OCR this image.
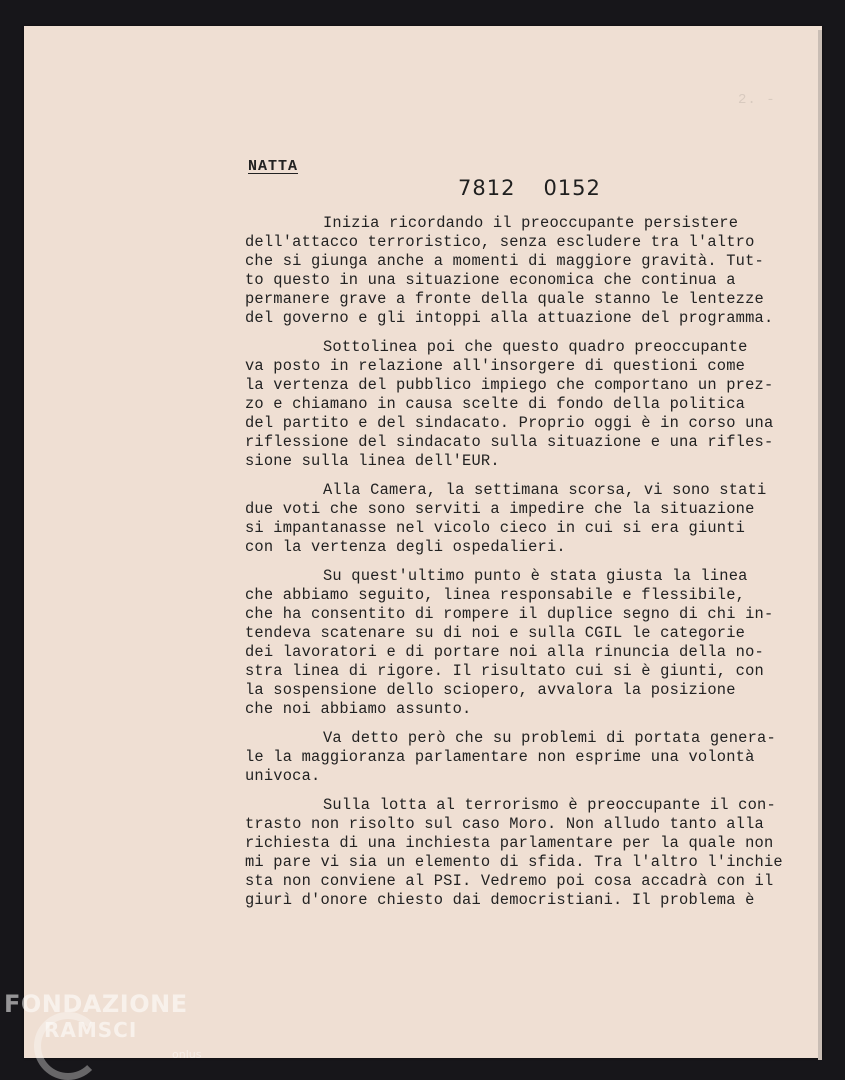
2. -
NATTA
7812 0152
Inizia ricordando il preoccupante persistere
dell'attacco terroristico, senza escludere tra l'altro
che si giunga anche a momenti di maggiore gravità. Tut-
to questo in una situazione economica che continua a
permanere grave a fronte della quale stanno le lentezze
del governo e gli intoppi alla attuazione del programma.
Sottolinea poi che questo quadro preoccupante
va posto in relazione all'insorgere di questioni come
la vertenza del pubblico impiego che comportano un prez-
zo e chiamano in causa scelte di fondo della politica
del partito e del sindacato. Proprio oggi è in corso una
riflessione del sindacato sulla situazione e una rifles-
sione sulla linea dell'EUR.
Alla Camera, la settimana scorsa, vi sono stati
due voti che sono serviti a impedire che la situazione
si impantanasse nel vicolo cieco in cui si era giunti
con la vertenza degli ospedalieri.
Su quest'ultimo punto è stata giusta la linea
che abbiamo seguito, linea responsabile e flessibile,
che ha consentito di rompere il duplice segno di chi in-
tendeva scatenare su di noi e sulla CGIL le categorie
dei lavoratori e di portare noi alla rinuncia della no-
stra linea di rigore. Il risultato cui si è giunti, con
la sospensione dello sciopero, avvalora la posizione
che noi abbiamo assunto.
Va detto però che su problemi di portata genera-
le la maggioranza parlamentare non esprime una volontà
univoca.
Sulla lotta al terrorismo è preoccupante il con-
trasto non risolto sul caso Moro. Non alludo tanto alla
richiesta di una inchiesta parlamentare per la quale non
mi pare vi sia un elemento di sfida. Tra l'altro l'inchie
sta non conviene al PSI. Vedremo poi cosa accadrà con il
giurì d'onore chiesto dai democristiani. Il problema è
FONDAZIONE
RAMSCI
onlus
